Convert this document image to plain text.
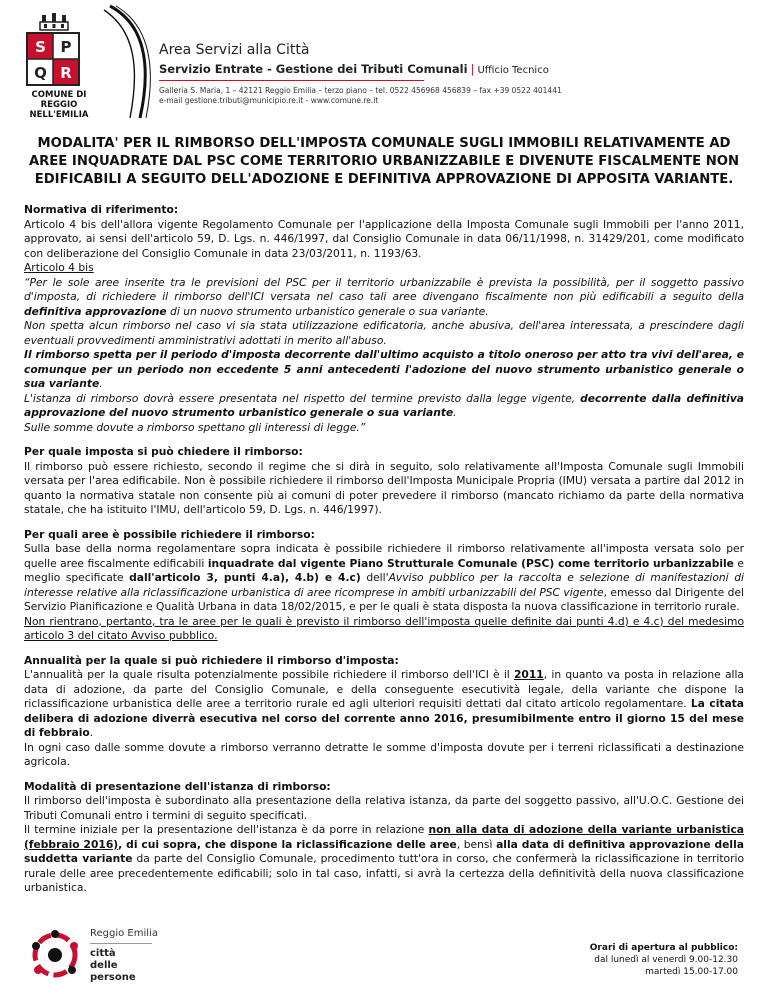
S P
Q R
COMUNE DI
REGGIO NELL'EMILIA
Area Servizi alla Città
Servizio Entrate - Gestione dei Tributi Comunali | Ufficio Tecnico
Galleria S. Maria, 1 – 42121 Reggio Emilia – terzo piano – tel. 0522 456968 456839 – fax +39 0522 401441
e-mail gestione.tributi@municipio.re.it - www.comune.re.it
MODALITA' PER IL RIMBORSO DELL'IMPOSTA COMUNALE SUGLI IMMOBILI RELATIVAMENTE AD AREE INQUADRATE DAL PSC COME TERRITORIO URBANIZZABILE E DIVENUTE FISCALMENTE NON EDIFICABILI A SEGUITO DELL'ADOZIONE E DEFINITIVA APPROVAZIONE DI APPOSITA VARIANTE.

Normativa di riferimento:

Articolo 4 bis dell'allora vigente Regolamento Comunale per l'applicazione della Imposta Comunale sugli Immobili per l'anno 2011, approvato, ai sensi dell'articolo 59, D. Lgs. n. 446/1997, dal Consiglio Comunale in data 06/11/1998, n. 31429/201, come modificato con deliberazione del Consiglio Comunale in data 23/03/2011, n. 1193/63.

Articolo 4 bis

“Per le sole aree inserite tra le previsioni del PSC per il territorio urbanizzabile è prevista la possibilità, per il soggetto passivo d'imposta, di richiedere il rimborso dell'ICI versata nel caso tali aree divengano fiscalmente non più edificabili a seguito della definitiva approvazione di un nuovo strumento urbanistico generale o sua variante.

Non spetta alcun rimborso nel caso vi sia stata utilizzazione edificatoria, anche abusiva, dell'area interessata, a prescindere dagli eventuali provvedimenti amministrativi adottati in merito all'abuso.

Il rimborso spetta per il periodo d'imposta decorrente dall'ultimo acquisto a titolo oneroso per atto tra vivi dell'area, e comunque per un periodo non eccedente 5 anni antecedenti l'adozione del nuovo strumento urbanistico generale o sua variante.

L'istanza di rimborso dovrà essere presentata nel rispetto del termine previsto dalla legge vigente, decorrente dalla definitiva approvazione del nuovo strumento urbanistico generale o sua variante.

Sulle somme dovute a rimborso spettano gli interessi di legge.”

Per quale imposta si può chiedere il rimborso:

Il rimborso può essere richiesto, secondo il regime che si dirà in seguito, solo relativamente all'Imposta Comunale sugli Immobili versata per l'area edificabile. Non è possibile richiedere il rimborso dell'Imposta Municipale Propria (IMU) versata a partire dal 2012 in quanto la normativa statale non consente più ai comuni di poter prevedere il rimborso (mancato richiamo da parte della normativa statale, che ha istituito l'IMU, dell'articolo 59, D. Lgs. n. 446/1997).

Per quali aree è possibile richiedere il rimborso:

Sulla base della norma regolamentare sopra indicata è possibile richiedere il rimborso relativamente all'imposta versata solo per quelle aree fiscalmente edificabili inquadrate dal vigente Piano Strutturale Comunale (PSC) come territorio urbanizzabile e meglio specificate dall'articolo 3, punti 4.a), 4.b) e 4.c) dell'Avviso pubblico per la raccolta e selezione di manifestazioni di interesse relative alla riclassificazione urbanistica di aree ricomprese in ambiti urbanizzabili del PSC vigente, emesso dal Dirigente del Servizio Pianificazione e Qualità Urbana in data 18/02/2015, e per le quali è stata disposta la nuova classificazione in territorio rurale.

Non rientrano, pertanto, tra le aree per le quali è previsto il rimborso dell'imposta quelle definite dai punti 4.d) e 4.c) del medesimo articolo 3 del citato Avviso pubblico.

Annualità per la quale si può richiedere il rimborso d'imposta:

L'annualità per la quale risulta potenzialmente possibile richiedere il rimborso dell'ICI è il 2011, in quanto va posta in relazione alla data di adozione, da parte del Consiglio Comunale, e della conseguente esecutività legale, della variante che dispone la riclassificazione urbanistica delle aree a territorio rurale ed agli ulteriori requisiti dettati dal citato articolo regolamentare. La citata delibera di adozione diverrà esecutiva nel corso del corrente anno 2016, presumibilmente entro il giorno 15 del mese di febbraio.

In ogni caso dalle somme dovute a rimborso verranno detratte le somme d'imposta dovute per i terreni riclassificati a destinazione agricola.

Modalità di presentazione dell'istanza di rimborso:

Il rimborso dell'imposta è subordinato alla presentazione della relativa istanza, da parte del soggetto passivo, all'U.O.C. Gestione dei Tributi Comunali entro i termini di seguito specificati.

Il termine iniziale per la presentazione dell'istanza è da porre in relazione non alla data di adozione della variante urbanistica (febbraio 2016), di cui sopra, che dispone la riclassificazione delle aree, bensì alla data di definitiva approvazione della suddetta variante da parte del Consiglio Comunale, procedimento tutt'ora in corso, che confermerà la riclassificazione in territorio rurale delle aree precedentemente edificabili; solo in tal caso, infatti, si avrà la certezza della definitività della nuova classificazione urbanistica.

Reggio Emilia
città
delle persone
Orari di apertura al pubblico:
dal lunedì al venerdì 9.00-12.30
martedì 15.00-17.00
